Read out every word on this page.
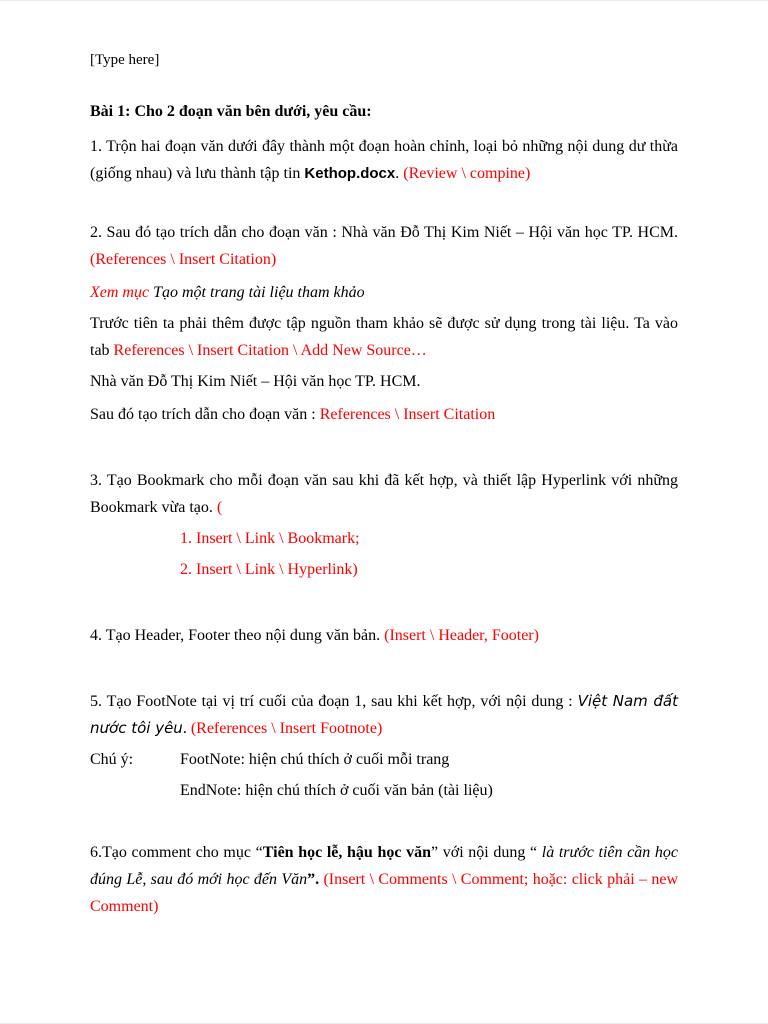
[Type here]

Bài 1: Cho 2 đoạn văn bên dưới, yêu cầu:

1. Trộn hai đoạn văn dưới đây thành một đoạn hoàn chỉnh, loại bỏ những nội dung dư thừa (giống nhau) và lưu thành tập tin Kethop.docx. (Review \ compine)

2. Sau đó tạo trích dẫn cho đoạn văn : Nhà văn Đỗ Thị Kim Niết – Hội văn học TP. HCM. (References \ Insert Citation)

Xem mục Tạo một trang tài liệu tham khảo

Trước tiên ta phải thêm được tập nguồn tham khảo sẽ được sử dụng trong tài liệu. Ta vào tab References \ Insert Citation \ Add New Source…

Nhà văn Đỗ Thị Kim Niết – Hội văn học TP. HCM.

Sau đó tạo trích dẫn cho đoạn văn : References \ Insert Citation

3. Tạo Bookmark cho mỗi đoạn văn sau khi đã kết hợp, và thiết lập Hyperlink với những Bookmark vừa tạo. (

1. Insert \ Link \ Bookmark;

2. Insert \ Link \ Hyperlink)

4. Tạo Header, Footer theo nội dung văn bản. (Insert \ Header, Footer)

5. Tạo FootNote tại vị trí cuối của đoạn 1, sau khi kết hợp, với nội dung : Việt Nam đất nước tôi yêu. (References \ Insert Footnote)

Chú ý:	FootNote: hiện chú thích ở cuối mỗi trang

EndNote: hiện chú thích ở cuối văn bản (tài liệu)

6.Tạo comment cho mục “Tiên học lễ, hậu học văn” với nội dung “ là trước tiên cần học đúng Lễ, sau đó mới học đến Văn”. (Insert \ Comments \ Comment; hoặc: click phải – new Comment)
